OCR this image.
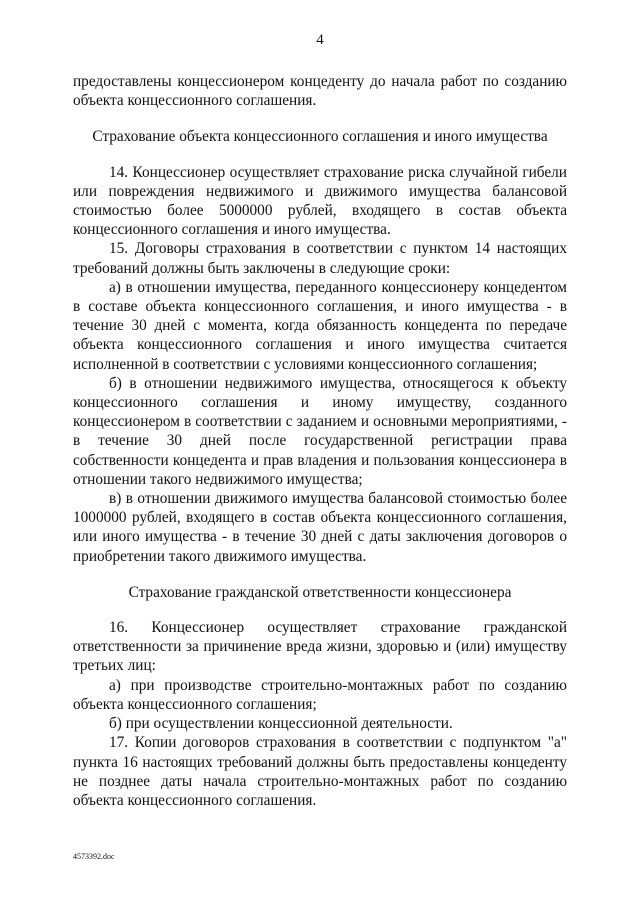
4

предоставлены концессионером концеденту до начала работ по созданию объекта концессионного соглашения.

Страхование объекта концессионного соглашения и иного имущества

14. Концессионер осуществляет страхование риска случайной гибели или повреждения недвижимого и движимого имущества балансовой стоимостью более 5000000 рублей, входящего в состав объекта концессионного соглашения и иного имущества.

15. Договоры страхования в соответствии с пунктом 14 настоящих требований должны быть заключены в следующие сроки:

а) в отношении имущества, переданного концессионеру концедентом в составе объекта концессионного соглашения, и иного имущества - в течение 30 дней с момента, когда обязанность концедента по передаче объекта концессионного соглашения и иного имущества считается исполненной в соответствии с условиями концессионного соглашения;

б) в отношении недвижимого имущества, относящегося к объекту концессионного соглашения и иному имуществу, созданного концессионером в соответствии с заданием и основными мероприятиями, - в течение 30 дней после государственной регистрации права собственности концедента и прав владения и пользования концессионера в отношении такого недвижимого имущества;

в) в отношении движимого имущества балансовой стоимостью более 1000000 рублей, входящего в состав объекта концессионного соглашения, или иного имущества - в течение 30 дней с даты заключения договоров о приобретении такого движимого имущества.

Страхование гражданской ответственности концессионера

16. Концессионер осуществляет страхование гражданской ответственности за причинение вреда жизни, здоровью и (или) имуществу третьих лиц:

а) при производстве строительно-монтажных работ по созданию объекта концессионного соглашения;

б) при осуществлении концессионной деятельности.

17. Копии договоров страхования в соответствии с подпунктом "а" пункта 16 настоящих требований должны быть предоставлены концеденту не позднее даты начала строительно-монтажных работ по созданию объекта концессионного соглашения.

4573392.doc
